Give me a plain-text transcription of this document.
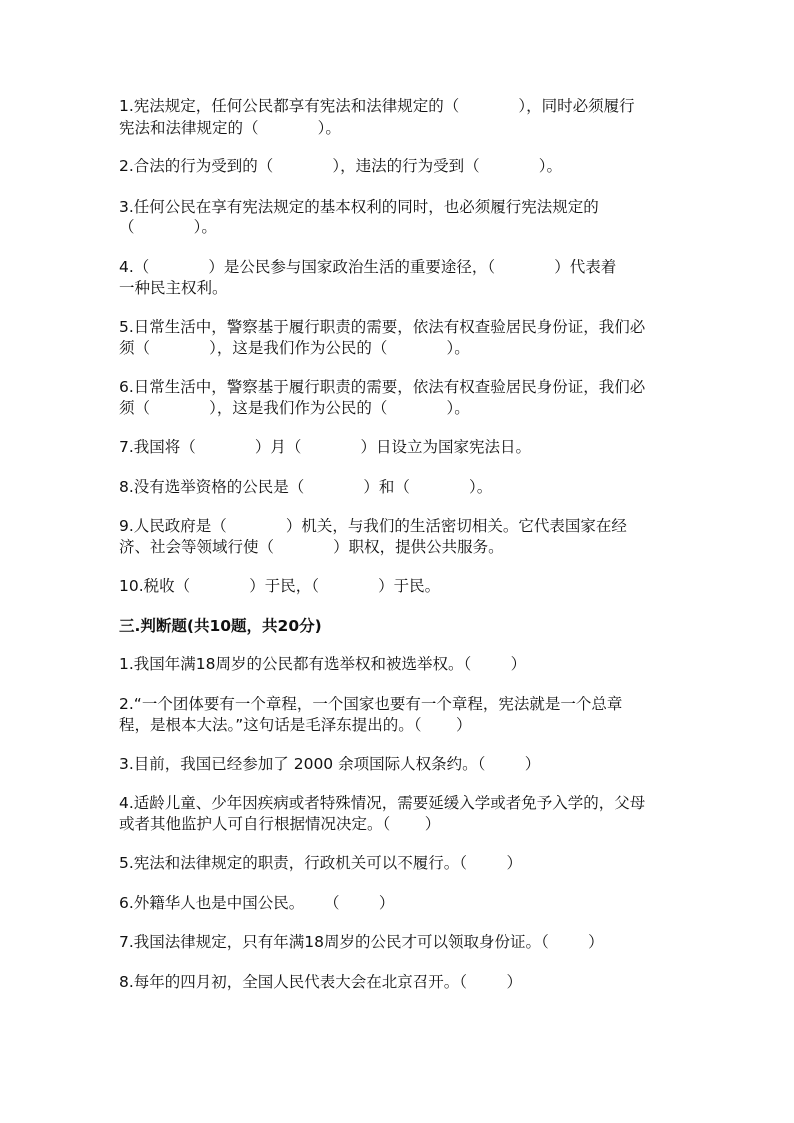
1.宪法规定，任何公民都享有宪法和法律规定的（            ），同时必须履行
宪法和法律规定的（            ）。
2.合法的行为受到的（            ），违法的行为受到（            ）。
3.任何公民在享有宪法规定的基本权利的同时，也必须履行宪法规定的
（            ）。
4.（            ）是公民参与国家政治生活的重要途径，（            ）代表着
一种民主权利。
5.日常生活中，警察基于履行职责的需要，依法有权查验居民身份证，我们必
须（            ），这是我们作为公民的（            ）。
6.日常生活中，警察基于履行职责的需要，依法有权查验居民身份证，我们必
须（            ），这是我们作为公民的（            ）。
7.我国将（            ）月（            ）日设立为国家宪法日。
8.没有选举资格的公民是（            ）和（            ）。
9.人民政府是（            ）机关，与我们的生活密切相关。它代表国家在经
济、社会等领域行使（            ）职权，提供公共服务。
10.税收（            ）于民，（            ）于民。
三.判断题(共10题，共20分)
1.我国年满18周岁的公民都有选举权和被选举权。（        ）
2.“一个团体要有一个章程，一个国家也要有一个章程，宪法就是一个总章
程，是根本大法。”这句话是毛泽东提出的。（       ）
3.目前，我国已经参加了 2000 余项国际人权条约。（        ）
4.适龄儿童、少年因疾病或者特殊情况，需要延缓入学或者免予入学的，父母
或者其他监护人可自行根据情况决定。（       ）
5.宪法和法律规定的职责，行政机关可以不履行。（        ）
6.外籍华人也是中国公民。    （        ）
7.我国法律规定，只有年满18周岁的公民才可以领取身份证。（        ）
8.每年的四月初，全国人民代表大会在北京召开。（        ）
